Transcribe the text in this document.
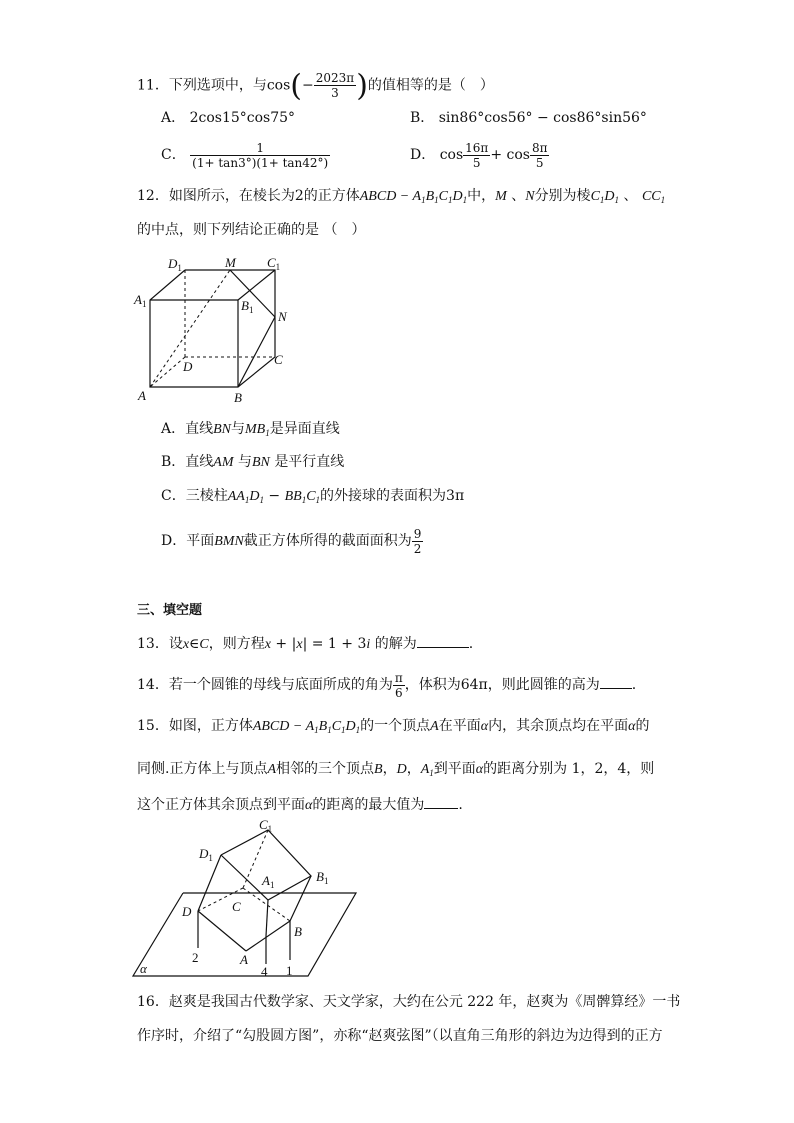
11．下列选项中，与$\cos(- \frac{2023\pi}{3}$ )的值相等的是（　）
A． 2cos15°cos75°	B． sin86°cos56° − cos86°sin56°
C． $\frac{1}{(1+ \tan 3^\circ)(1+ \tan 42^\circ)}$	D． $\cos \frac{16\pi}{5} + \cos \frac{8\pi}{5}$
12．如图所示，在棱长为2的正方体ABCD − $A_1B_1C_1D_1$中，M 、N分别为棱$C_1D_1$ 、 $CC_1$
的中点，则下列结论正确的是 （　）
$D_1$	M $C_1$
$A_1$	$B_1$ N
D	C
A	B
A．直线BN与$MB_1$是异面直线
B．直线AM 与BN 是平行直线
C．三棱柱$AA_1D_1 - BB_1C_1$的外接球的表面积为3π
D．平面BMN截正方体所得的截面面积为 $\frac{9}{2}$
三、填空题
13．设x∈C，则方程x + |x| = 1 + 3i 的解为	.
14．若一个圆锥的母线与底面所成的角为 $\frac{\pi}{6}$ ，体积为64π，则此圆锥的高为 .
15．如图，正方体ABCD − $A_1B_1C_1D_1$的一个顶点A在平面α内，其余顶点均在平面α的
同侧.正方体上与顶点A相邻的三个顶点B，D，$A_1$到平面α的距离分别为 1，2，4，则
这个正方体其余顶点到平面α的距离的最大值为 .
$C_1$
$D_1$
$A_1$
$B_1$
C
D
A
B
2
4 1
α
16．赵爽是我国古代数学家、天文学家，大约在公元 222 年，赵爽为《周髀算经》一书
作序时，介绍了“勾股圆方图”，亦称“赵爽弦图”（以直角三角形的斜边为边得到的正方
